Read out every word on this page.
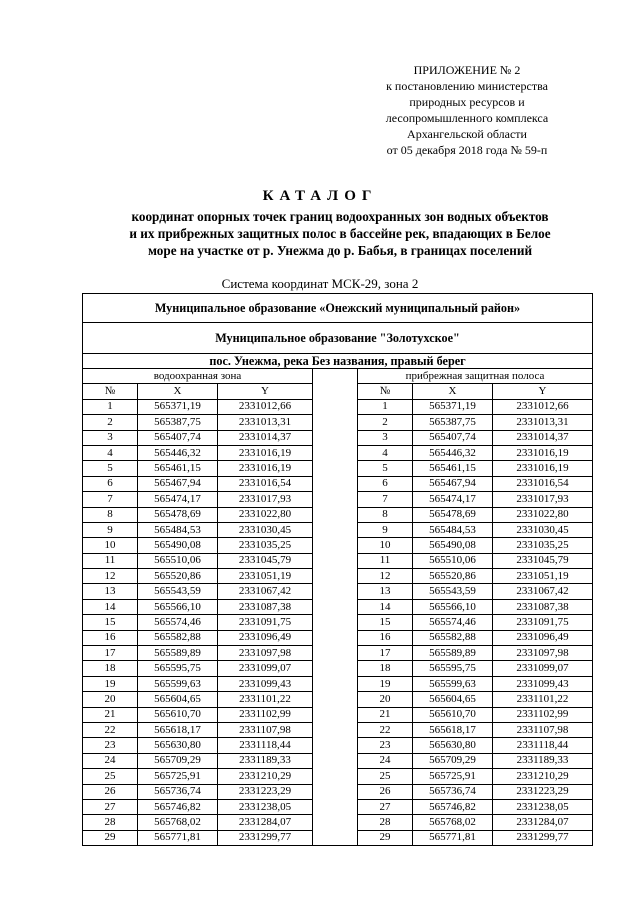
ПРИЛОЖЕНИЕ № 2
к постановлению министерства
природных ресурсов и
лесопромышленного комплекса
Архангельской области
от 05 декабря 2018 года № 59-п
КАТАЛОГ
координат опорных точек границ водоохранных зон водных объектов
и их прибрежных защитных полос в бассейне рек, впадающих в Белое
море на участке от р. Унежма до р. Бабья, в границах поселений
Система координат МСК-29, зона 2
Муниципальное образование «Онежский муниципальный район»						
Муниципальное образование "Золотухское"						
пос. Унежма, река Без названия, правый берег						
водоохранная зона				прибрежная защитная полоса		
№	X	Y		№	X	Y
1	565371,19	2331012,66		1	565371,19	2331012,66
2	565387,75	2331013,31		2	565387,75	2331013,31
3	565407,74	2331014,37		3	565407,74	2331014,37
4	565446,32	2331016,19		4	565446,32	2331016,19
5	565461,15	2331016,19		5	565461,15	2331016,19
6	565467,94	2331016,54		6	565467,94	2331016,54
7	565474,17	2331017,93		7	565474,17	2331017,93
8	565478,69	2331022,80		8	565478,69	2331022,80
9	565484,53	2331030,45		9	565484,53	2331030,45
10	565490,08	2331035,25		10	565490,08	2331035,25
11	565510,06	2331045,79		11	565510,06	2331045,79
12	565520,86	2331051,19		12	565520,86	2331051,19
13	565543,59	2331067,42		13	565543,59	2331067,42
14	565566,10	2331087,38		14	565566,10	2331087,38
15	565574,46	2331091,75		15	565574,46	2331091,75
16	565582,88	2331096,49		16	565582,88	2331096,49
17	565589,89	2331097,98		17	565589,89	2331097,98
18	565595,75	2331099,07		18	565595,75	2331099,07
19	565599,63	2331099,43		19	565599,63	2331099,43
20	565604,65	2331101,22		20	565604,65	2331101,22
21	565610,70	2331102,99		21	565610,70	2331102,99
22	565618,17	2331107,98		22	565618,17	2331107,98
23	565630,80	2331118,44		23	565630,80	2331118,44
24	565709,29	2331189,33		24	565709,29	2331189,33
25	565725,91	2331210,29		25	565725,91	2331210,29
26	565736,74	2331223,29		26	565736,74	2331223,29
27	565746,82	2331238,05		27	565746,82	2331238,05
28	565768,02	2331284,07		28	565768,02	2331284,07
29	565771,81	2331299,77		29	565771,81	2331299,77
